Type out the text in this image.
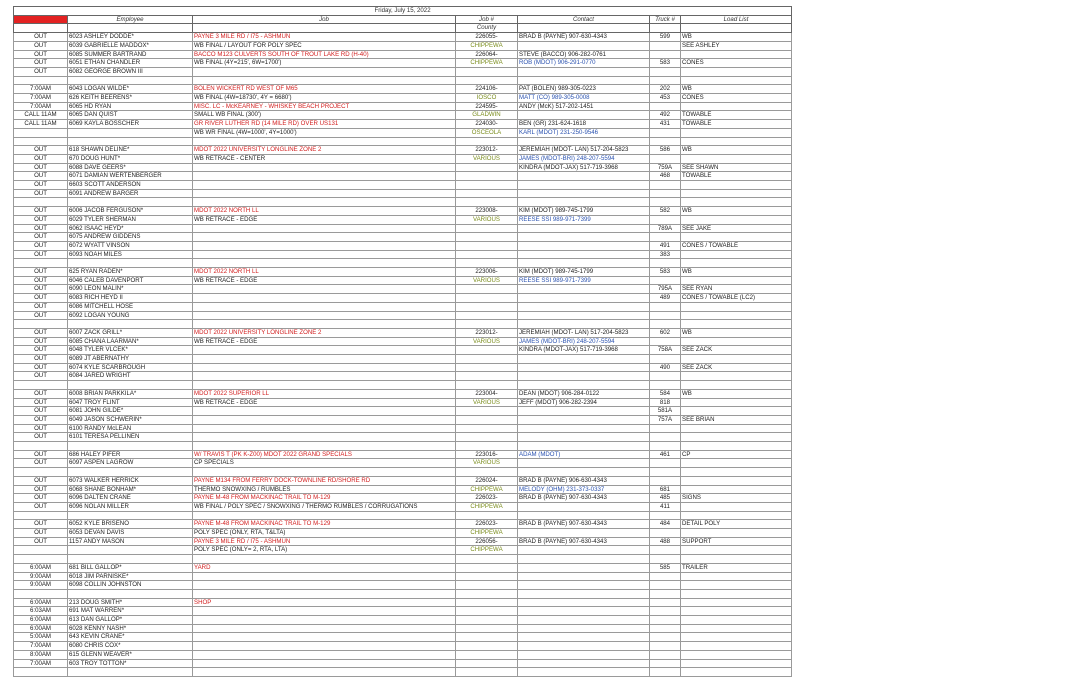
Friday, July 15, 2022						
Time	Employee	Job	Job #	Contact	Truck #	Load List
			County			
OUT	6023 ASHLEY DODDE*	PAYNE 3 MILE RD / I75 - ASHMUN	226055-	BRAD B (PAYNE) 907-630-4343	599	WB
OUT	6039 GABRIELLE MADDOX*	WB FINAL / LAYOUT FOR POLY SPEC	CHIPPEWA			SEE ASHLEY
OUT	6085 SUMMER BARTRAND	BACCO M123 CULVERTS SOUTH OF TROUT LAKE RD (H-40)	226064-	STEVE (BACCO) 906-282-0761		
OUT	6051 ETHAN CHANDLER	WB FINAL (4Y=215', 6W=1700')	CHIPPEWA	ROB (MDOT) 906-291-0770	583	CONES
OUT	6082 GEORGE BROWN III					

7:00AM	6043 LOGAN WILDE*	BOLEN WICKERT RD WEST OF M65	224106-	PAT (BOLEN) 989-305-0223	202	WB
7:00AM	626 KEITH BEERENS*	WB FINAL (4W=18730', 4Y = 6680')	IOSCO	MATT (CO) 989-305-0008	453	CONES
7:00AM	6065 HD RYAN	MISC. LC - McKEARNEY - WHISKEY BEACH PROJECT	224595-	ANDY (McK) 517-202-1451		
CALL 11AM	6065 DAN QUIST	SMALL WB FINAL (300')	GLADWIN		492	TOWABLE
CALL 11AM	6069 KAYLA BOSSCHER	GR RIVER LUTHER RD (14 MILE RD) OVER US131	224030-	BEN (GR) 231-624-1618	431	TOWABLE
		WB WR FINAL (4W=1000', 4Y=1000')	OSCEOLA	KARL (MDOT) 231-250-9546		

OUT	618 SHAWN DELINE*	MDOT 2022 UNIVERSITY LONGLINE ZONE 2	223012-	JEREMIAH (MDOT- LAN) 517-204-5823	586	WB
OUT	670 DOUG HUNT*	WB RETRACE - CENTER	VARIOUS	JAMES (MDOT-BRI) 248-207-5594		
OUT	6088 DAVE GEERS*			KINDRA (MDOT-JAX) 517-719-3968	759A	SEE SHAWN
OUT	6071 DAMIAN WERTENBERGER				468	TOWABLE
OUT	6603 SCOTT ANDERSON					
OUT	6091 ANDREW BARGER					

OUT	6006 JACOB FERGUSON*	MDOT 2022 NORTH LL	223008-	KIM (MDOT) 989-745-1799	582	WB
OUT	6029 TYLER SHERMAN	WB RETRACE - EDGE	VARIOUS	REESE SSI 989-971-7399		
OUT	6062 ISAAC HEYD*				789A	SEE JAKE
OUT	6075 ANDREW GIDDENS					
OUT	6072 WYATT VINSON				491	CONES / TOWABLE
OUT	6093 NOAH MILES				383	

OUT	625 RYAN RADEN*	MDOT 2022 NORTH LL	223006-	KIM (MDOT) 989-745-1799	583	WB
OUT	6046 CALEB DAVENPORT	WB RETRACE - EDGE	VARIOUS	REESE SSI 989-971-7399		
OUT	6090 LEON MALIN*				795A	SEE RYAN
OUT	6083 RICH HEYD II				489	CONES / TOWABLE (LC2)
OUT	6086 MITCHELL HOSE					
OUT	6092 LOGAN YOUNG					

OUT	6007 ZACK GRILL*	MDOT 2022 UNIVERSITY LONGLINE ZONE 2	223012-	JEREMIAH (MDOT- LAN) 517-204-5823	602	WB
OUT	6085 CHANA LAARMAN*	WB RETRACE - EDGE	VARIOUS	JAMES (MDOT-BRI) 248-207-5594		
OUT	6048 TYLER VLCEK*			KINDRA (MDOT-JAX) 517-719-3968	758A	SEE ZACK
OUT	6089 JT ABERNATHY					
OUT	6074 KYLE SCARBROUGH				490	SEE ZACK
OUT	6084 JARED WRIGHT					

OUT	6008 BRIAN PARKKILA*	MDOT 2022 SUPERIOR LL	223004-	DEAN (MDOT) 906-284-0122	584	WB
OUT	6047 TROY FLINT	WB RETRACE - EDGE	VARIOUS	JEFF (MDOT) 906-282-2394	818	
OUT	6081 JOHN GILDE*				581A	
OUT	6049 JASON SCHWERIN*				757A	SEE BRIAN
OUT	6100 RANDY McLEAN					
OUT	6101 TERESA PELLINEN					

OUT	686 HALEY PIFER	W/ TRAVIS T (PK K-Z00) MDOT 2022 GRAND SPECIALS	223016-	ADAM (MDOT)	461	CP
OUT	6097 ASPEN LAGROW	CP SPECIALS	VARIOUS			

OUT	6073 WALKER HERRICK	PAYNE M134 FROM FERRY DOCK-TOWNLINE RD/SHORE RD	226024-	BRAD B (PAYNE) 906-630-4343		
OUT	6068 SHANE BONHAM*	THERMO SNOWXING / RUMBLES	CHIPPEWA	MELODY (OHM) 231-373-0337	681	
OUT	6096 DALTEN CRANE	PAYNE M-48 FROM MACKINAC TRAIL TO M-129	226023-	BRAD B (PAYNE) 907-630-4343	485	SIGNS
OUT	6096 NOLAN MILLER	WB FINAL / POLY SPEC / SNOWXING / THERMO RUMBLES / CORRUGATIONS	CHIPPEWA		411	

OUT	6052 KYLE BRISENO	PAYNE M-48 FROM MACKINAC TRAIL TO M-129	226023-	BRAD B (PAYNE) 907-630-4343	484	DETAIL POLY
OUT	6053 DEVAN DAVIS	POLY SPEC (ONLY, RTA, T&LTA)	CHIPPEWA			
OUT	1157 ANDY MASON	PAYNE 3 MILE RD / I75 - ASHMUN	226056-	BRAD B (PAYNE) 907-630-4343	488	SUPPORT
		POLY SPEC (ONLY= 2, RTA, LTA)	CHIPPEWA			

6:00AM	681 BILL GALLOP*	YARD			585	TRAILER
9:00AM	6018 JIM PARNISKE*					
9:00AM	6098 COLLIN JOHNSTON					

6:00AM	213 DOUG SMITH*	SHOP				
6:03AM	691 MAT WARREN*					
6:00AM	613 DAN GALLOP*					
6:00AM	6028 KENNY NASH*					
5:00AM	643 KEVIN CRANE*					
7:00AM	6080 CHRIS COX*					
8:00AM	615 GLENN WEAVER*					
7:00AM	603 TROY TOTTON*					
